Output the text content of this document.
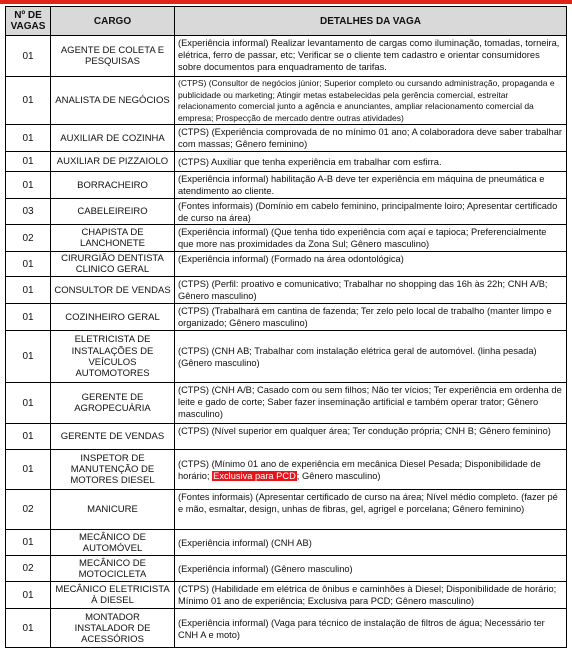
Nº DE VAGAS	CARGO	DETALHES DA VAGA
01	AGENTE DE COLETA E PESQUISAS	(Experiência informal) Realizar levantamento de cargas como iluminação, tomadas, torneira, elétrica, ferro de passar, etc; Verificar se o cliente tem cadastro e orientar consumidores sobre documentos para enquadramento de tarifas.
01	ANALISTA DE NEGÓCIOS	(CTPS) (Consultor de negócios júnior; Superior completo ou cursando administração, propaganda e publicidade ou marketing; Atingir metas estabelecidas pela gerência comercial, estreitar relacionamento comercial junto a agência e anunciantes, ampliar relacionamento comercial da empresa; Prospecção de mercado dentre outras atividades)
01	AUXILIAR DE COZINHA	(CTPS) (Experiência comprovada de no mínimo 01 ano; A colaboradora deve saber trabalhar com massas; Gênero feminino)
01	AUXILIAR DE PIZZAIOLO	(CTPS) Auxiliar que tenha experiência em trabalhar com esfirra.
01	BORRACHEIRO	(Experiência informal) habilitação A-B deve ter experiência em máquina de pneumática e atendimento ao cliente.
03	CABELEIREIRO	(Fontes informais) (Domínio em cabelo feminino, principalmente loiro; Apresentar certificado de curso na área)
02	CHAPISTA DE LANCHONETE	(Experiência informal) (Que tenha tido experiência com açaí e tapioca; Preferencialmente que more nas proximidades da Zona Sul; Gênero masculino)
01	CIRURGIÃO DENTISTA CLINICO GERAL	(Experiência informal) (Formado na área odontológica)
01	CONSULTOR DE VENDAS	(CTPS) (Perfil: proativo e comunicativo; Trabalhar no shopping das 16h às 22h; CNH A/B; Gênero masculino)
01	COZINHEIRO GERAL	(CTPS) (Trabalhará em cantina de fazenda; Ter zelo pelo local de trabalho (manter limpo e organizado; Gênero masculino)
01	ELETRICISTA DE INSTALAÇÕES DE VEÍCULOS AUTOMOTORES	(CTPS) (CNH AB; Trabalhar com instalação elétrica geral de automóvel. (linha pesada) (Gênero masculino)
01	GERENTE DE AGROPECUÁRIA	(CTPS) (CNH A/B; Casado com ou sem filhos; Não ter vícios; Ter experiência em ordenha de leite e gado de corte; Saber fazer inseminação artificial e também operar trator; Gênero masculino)
01	GERENTE DE VENDAS	(CTPS) (Nível superior em qualquer área; Ter condução própria; CNH B; Gênero feminino)
01	INSPETOR DE MANUTENÇÃO DE MOTORES DIESEL	(CTPS) (Mínimo 01 ano de experiência em mecânica Diesel Pesada; Disponibilidade de horário; Exclusiva para PCD; Gênero masculino)
02	MANICURE	(Fontes informais) (Apresentar certificado de curso na área; Nível médio completo. (fazer pé e mão, esmaltar, design, unhas de fibras, gel, agrigel e porcelana; Gênero feminino)
01	MECÂNICO DE AUTOMÓVEL	(Experiência informal) (CNH AB)
02	MECÂNICO DE MOTOCICLETA	(Experiência informal) (Gênero masculino)
01	MECÂNICO ELETRICISTA À DIESEL	(CTPS) (Habilidade em elétrica de ônibus e caminhões à Diesel; Disponibilidade de horário; Mínimo 01 ano de experiência; Exclusiva para PCD; Gênero masculino)
01	MONTADOR INSTALADOR DE ACESSÓRIOS	(Experiência informal) (Vaga para técnico de instalação de filtros de água; Necessário ter CNH A e moto)
